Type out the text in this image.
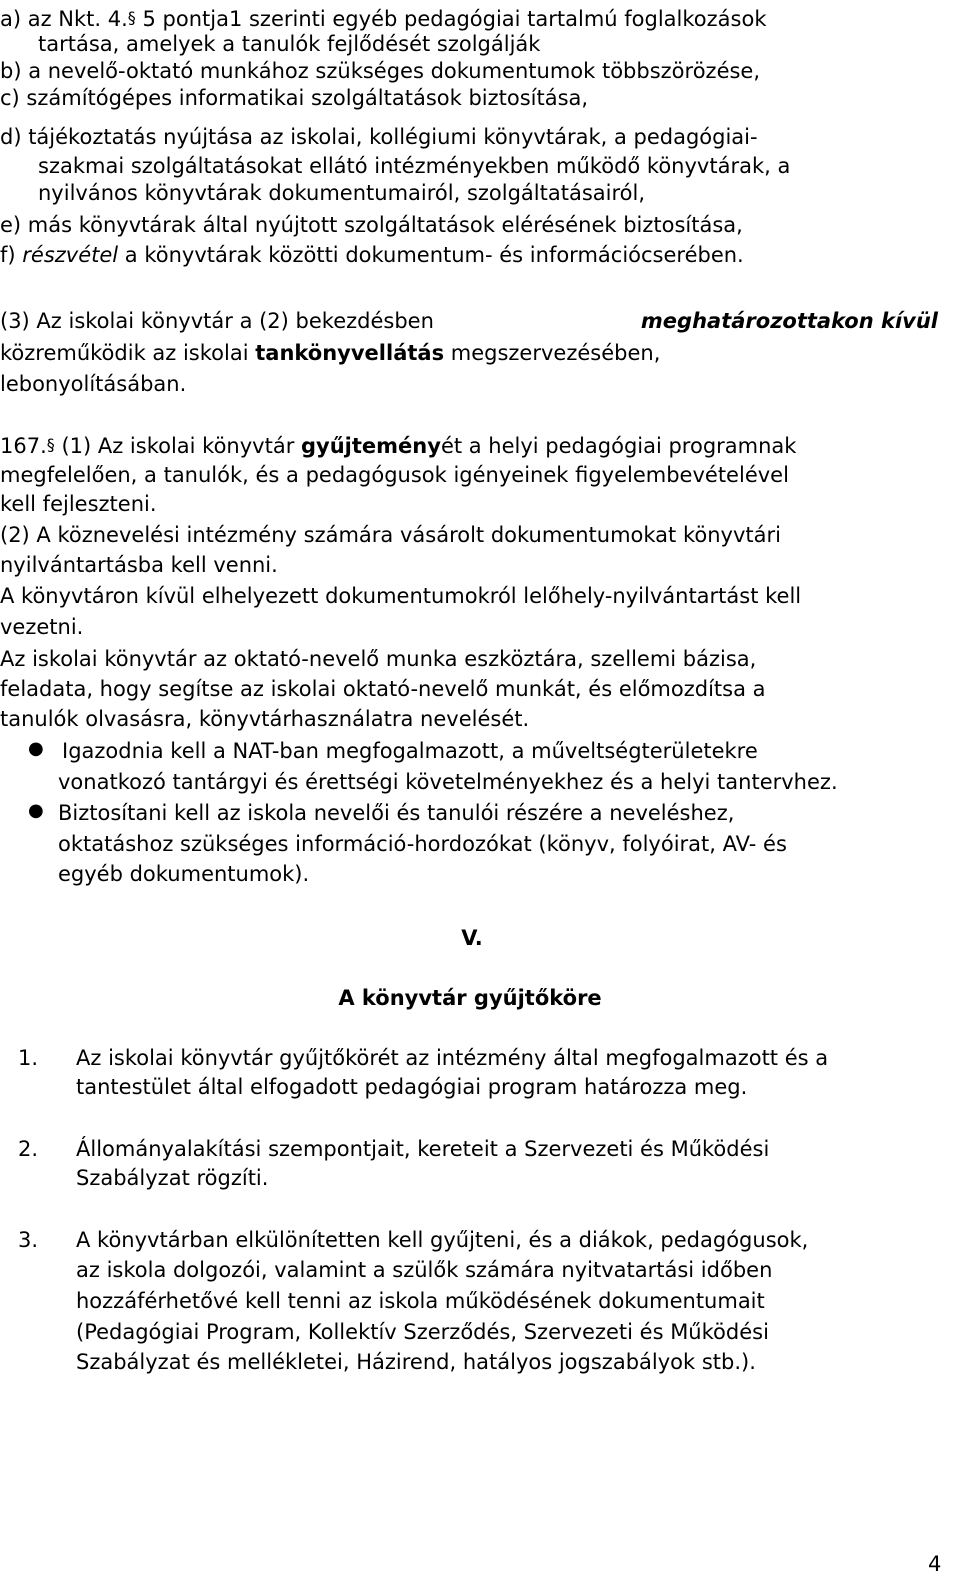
a) az Nkt. 4.§ 5 pontja1 szerinti egyéb pedagógiai tartalmú foglalkozások
tartása, amelyek a tanulók fejlődését szolgálják
b) a nevelő-oktató munkához szükséges dokumentumok többszörözése,
c) számítógépes informatikai szolgáltatások biztosítása,
d) tájékoztatás nyújtása az iskolai, kollégiumi könyvtárak, a pedagógiai-
szakmai szolgáltatásokat ellátó intézményekben működő könyvtárak, a
nyilvános könyvtárak dokumentumairól, szolgáltatásairól,
e) más könyvtárak által nyújtott szolgáltatások elérésének biztosítása,
f) részvétel a könyvtárak közötti dokumentum- és információcserében.
(3) Az iskolai könyvtár a (2) bekezdésben	meghatározottakon kívül
közreműködik az iskolai tankönyvellátás megszervezésében,
lebonyolításában.
167.§ (1) Az iskolai könyvtár gyűjteményét a helyi pedagógiai programnak
megfelelően, a tanulók, és a pedagógusok igényeinek figyelembevételével
kell fejleszteni.
(2) A köznevelési intézmény számára vásárolt dokumentumokat könyvtári
nyilvántartásba kell venni.
A könyvtáron kívül elhelyezett dokumentumokról lelőhely-nyilvántartást kell
vezetni.
Az iskolai könyvtár az oktató-nevelő munka eszköztára, szellemi bázisa,
feladata, hogy segítse az iskolai oktató-nevelő munkát, és előmozdítsa a
tanulók olvasásra, könyvtárhasználatra nevelését.
● Igazodnia kell a NAT-ban megfogalmazott, a műveltségterületekre
vonatkozó tantárgyi és érettségi követelményekhez és a helyi tantervhez.
● Biztosítani kell az iskola nevelői és tanulói részére a neveléshez,
oktatáshoz szükséges információ-hordozókat (könyv, folyóirat, AV- és
egyéb dokumentumok).
V.
A könyvtár gyűjtőköre
1. Az iskolai könyvtár gyűjtőkörét az intézmény által megfogalmazott és a
tantestület által elfogadott pedagógiai program határozza meg.
2. Állományalakítási szempontjait, kereteit a Szervezeti és Működési
Szabályzat rögzíti.
3. A könyvtárban elkülönítetten kell gyűjteni, és a diákok, pedagógusok,
az iskola dolgozói, valamint a szülők számára nyitvatartási időben
hozzáférhetővé kell tenni az iskola működésének dokumentumait
(Pedagógiai Program, Kollektív Szerződés, Szervezeti és Működési
Szabályzat és mellékletei, Házirend, hatályos jogszabályok stb.).
4
